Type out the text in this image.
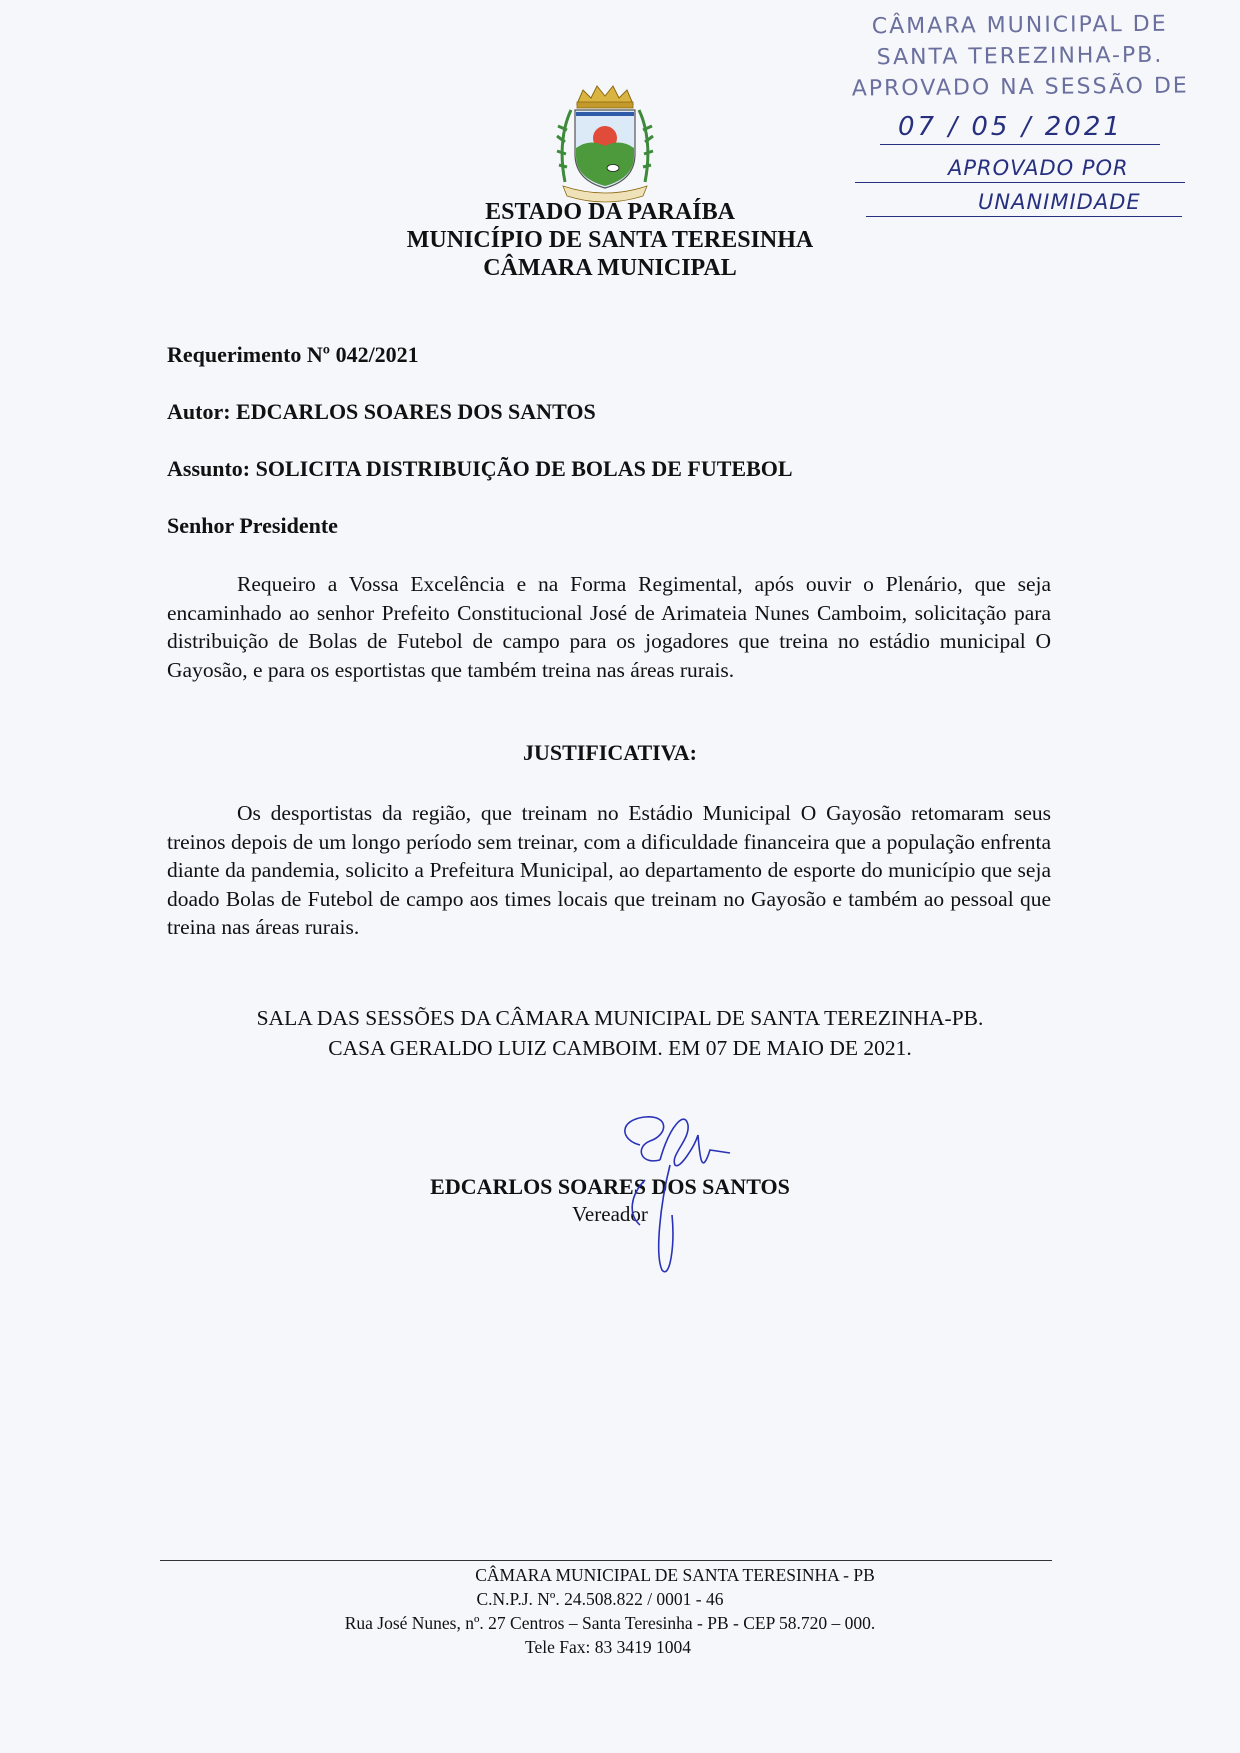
CÂMARA MUNICIPAL DE
SANTA TEREZINHA-PB.
APROVADO NA SESSÃO DE
07 / 05 / 2021
APROVADO POR
UNANIMIDADE
ESTADO DA PARAÍBA
MUNICÍPIO DE SANTA TERESINHA
CÂMARA MUNICIPAL
Requerimento Nº 042/2021
Autor: EDCARLOS SOARES DOS SANTOS
Assunto: SOLICITA DISTRIBUIÇÃO DE BOLAS DE FUTEBOL
Senhor Presidente
Requeiro a Vossa Excelência e na Forma Regimental, após ouvir o Plenário, que seja encaminhado ao senhor Prefeito Constitucional José de Arimateia Nunes Camboim, solicitação para distribuição de Bolas de Futebol de campo para os jogadores que treina no estádio municipal O Gayosão, e para os esportistas que também treina nas áreas rurais.
JUSTIFICATIVA:
Os desportistas da região, que treinam no Estádio Municipal O Gayosão retomaram seus treinos depois de um longo período sem treinar, com a dificuldade financeira que a população enfrenta diante da pandemia, solicito a Prefeitura Municipal, ao departamento de esporte do município que seja doado Bolas de Futebol de campo aos times locais que treinam no Gayosão e também ao pessoal que treina nas áreas rurais.
SALA DAS SESSÕES DA CÂMARA MUNICIPAL DE SANTA TEREZINHA-PB.
CASA GERALDO LUIZ CAMBOIM. EM 07 DE MAIO DE 2021.
EDCARLOS SOARES DOS SANTOS
Vereador
CÂMARA MUNICIPAL DE SANTA TERESINHA - PB
C.N.P.J. Nº. 24.508.822 / 0001 - 46
Rua José Nunes, nº. 27 Centros – Santa Teresinha - PB - CEP 58.720 – 000.
Tele Fax: 83 3419 1004
